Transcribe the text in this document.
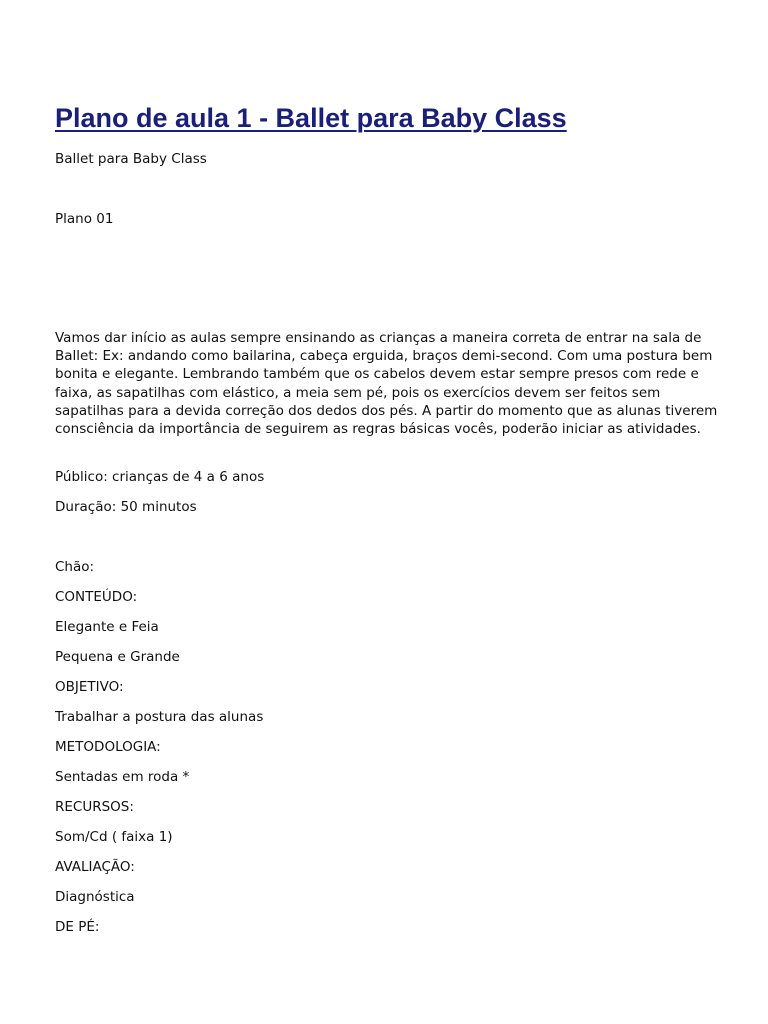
Plano de aula 1 - Ballet para Baby Class

Ballet para Baby Class

Plano 01

Vamos dar início as aulas sempre ensinando as crianças a maneira correta de entrar na sala de Ballet: Ex: andando como bailarina, cabeça erguida, braços demi-second. Com uma postura bem bonita e elegante. Lembrando também que os cabelos devem estar sempre presos com rede e faixa, as sapatilhas com elástico, a meia sem pé, pois os exercícios devem ser feitos sem sapatilhas para a devida correção dos dedos dos pés. A partir do momento que as alunas tiverem consciência da importância de seguirem as regras básicas vocês, poderão iniciar as atividades.

Público: crianças de 4 a 6 anos

Duração: 50 minutos

Chão:

CONTEÚDO:

Elegante e Feia

Pequena e Grande

OBJETIVO:

Trabalhar a postura das alunas

METODOLOGIA:

Sentadas em roda *

RECURSOS:

Som/Cd ( faixa 1)

AVALIAÇÃO:

Diagnóstica

DE PÉ:
